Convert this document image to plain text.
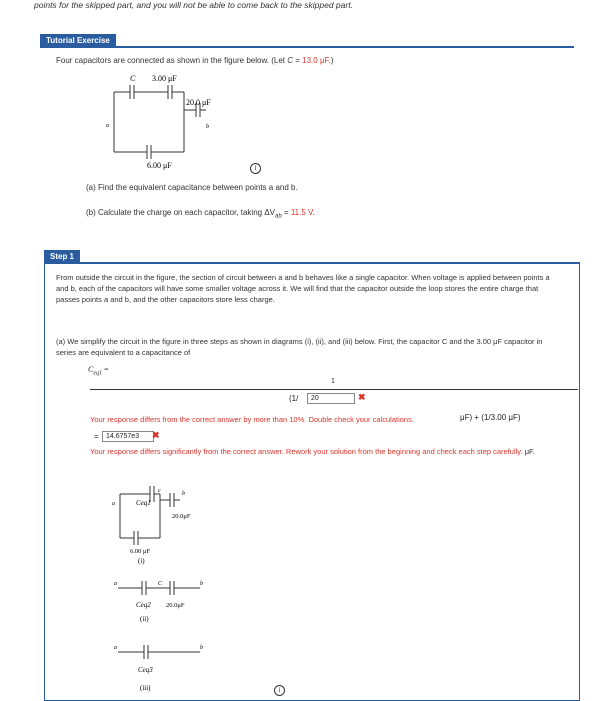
points for the skipped part, and you will not be able to come back to the skipped part.
Tutorial Exercise
Four capacitors are connected as shown in the figure below. (Let C = 13.0 μF.)
C 3.00 μF
20.0 μF
6.00 μF
a	b
i
(a) Find the equivalent capacitance between points a and b.
(b) Calculate the charge on each capacitor, taking $\Delta V_{ab} = 11.5$ V.
Step 1
From outside the circuit in the figure, the section of circuit between a and b behaves like a single capacitor. When voltage is applied between points a and b, each of the capacitors will have some smaller voltage across it. We will find that the capacitor outside the loop stores the entire charge that passes points a and b, and the other capacitors store less charge.
(a) We simplify the circuit in the figure in three steps as shown in diagrams (i), (ii), and (iii) below. First, the capacitor C and the 3.00 μF capacitor in series are equivalent to a capacitance of
$C_{eq1}$ =
1
(1/	20	✖
Your response differs from the correct answer by more than 10%. Double check your calculations.	μF) + (1/3.00 μF)
=	14.6757e3	✖
Your response differs significantly from the correct answer. Rework your solution from the beginning and check each step carefully. μF.
Ceq1
c
20.0μF
6.00 μF
(i)
a
b
a	C	b
Ceq2 20.0μF
(ii)
a	b
Ceq3
(iii)	i
